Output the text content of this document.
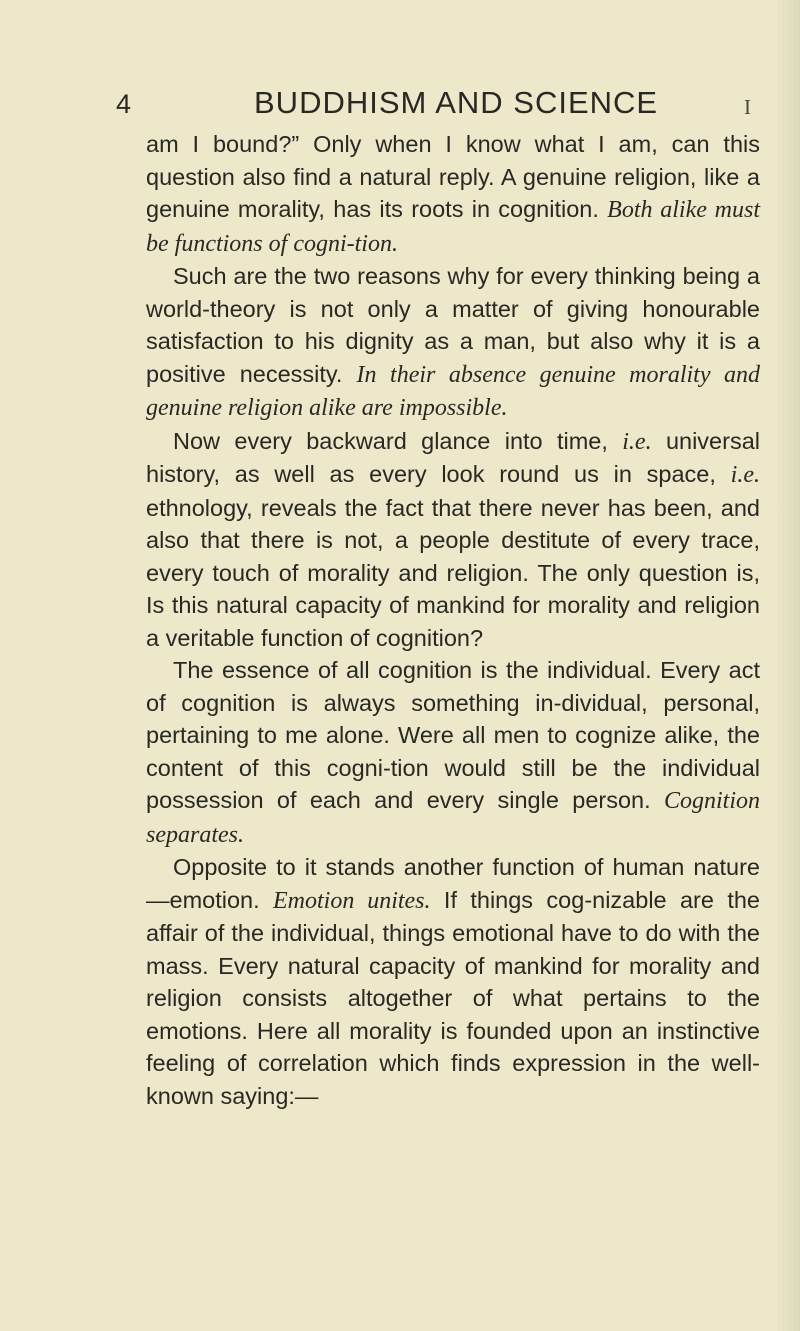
4	BUDDHISM AND SCIENCE	I

am I bound?” Only when I know what I am, can this question also find a natural reply. A genuine religion, like a genuine morality, has its roots in cognition. Both alike must be functions of cogni-tion.

Such are the two reasons why for every thinking being a world-theory is not only a matter of giving honourable satisfaction to his dignity as a man, but also why it is a positive necessity. In their absence genuine morality and genuine religion alike are impossible.

Now every backward glance into time, i.e. universal history, as well as every look round us in space, i.e. ethnology, reveals the fact that there never has been, and also that there is not, a people destitute of every trace, every touch of morality and religion. The only question is, Is this natural capacity of mankind for morality and religion a veritable function of cognition?

The essence of all cognition is the individual. Every act of cognition is always something in-dividual, personal, pertaining to me alone. Were all men to cognize alike, the content of this cogni-tion would still be the individual possession of each and every single person. Cognition separates.

Opposite to it stands another function of human nature—emotion. Emotion unites. If things cog-nizable are the affair of the individual, things emotional have to do with the mass. Every natural capacity of mankind for morality and religion consists altogether of what pertains to the emotions. Here all morality is founded upon an instinctive feeling of correlation which finds expression in the well-known saying:—
